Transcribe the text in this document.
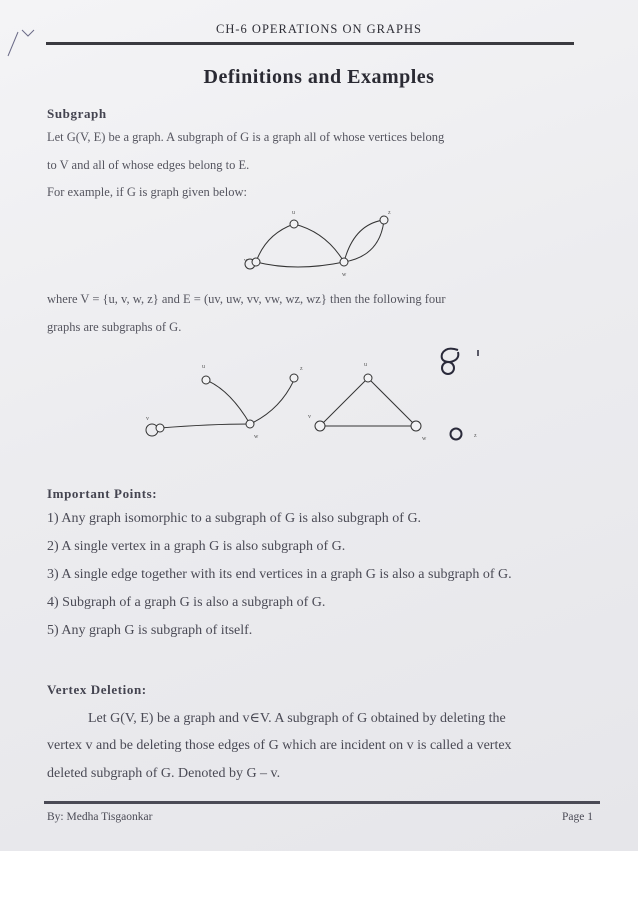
CH-6 OPERATIONS ON GRAPHS
Definitions and Examples
Subgraph
Let G(V, E) be a graph. A subgraph of G is a graph all of whose vertices belong
to V and all of whose edges belong to E.
For example, if G is graph given below:
u
v
w
z
where V = {u, v, w, z} and E = (uv, uw, vv, vw, wz, wz} then the following four
graphs are subgraphs of G.
u
v
w
z
u
v
w	z
Important Points:
1) Any graph isomorphic to a subgraph of G is also subgraph of G.
2) A single vertex in a graph G is also subgraph of G.
3) A single edge together with its end vertices in a graph G is also a subgraph of G.
4) Subgraph of a graph G is also a subgraph of G.
5) Any graph G is subgraph of itself.
Vertex Deletion:
Let G(V, E) be a graph and v∈V. A subgraph of G obtained by deleting the
vertex v and be deleting those edges of G which are incident on v is called a vertex
deleted subgraph of G. Denoted by G – v.
By: Medha Tisgaonkar	Page 1
